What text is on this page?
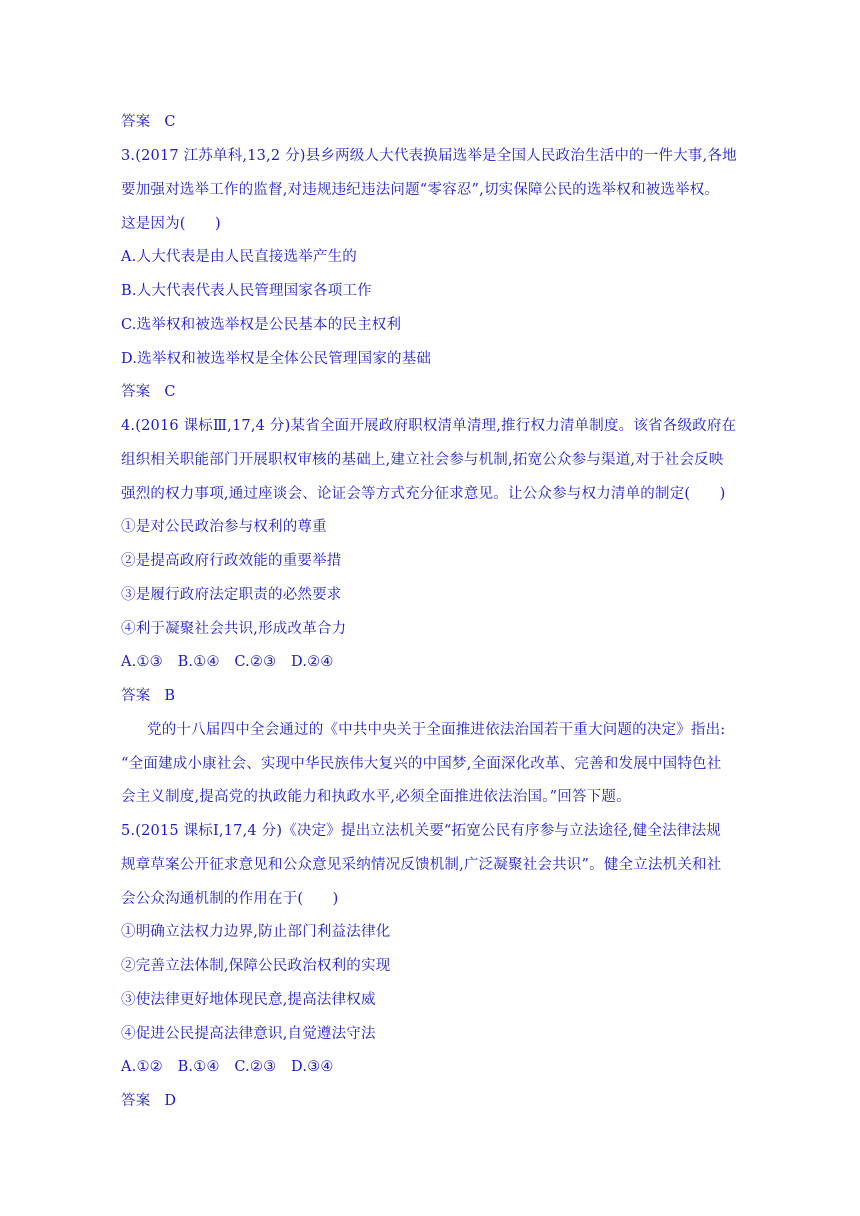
答案 C
3.(2017 江苏单科,13,2 分)县乡两级人大代表换届选举是全国人民政治生活中的一件大事,各地
要加强对选举工作的监督,对违规违纪违法问题“零容忍”,切实保障公民的选举权和被选举权。
这是因为(　　)
A.人大代表是由人民直接选举产生的
B.人大代表代表人民管理国家各项工作
C.选举权和被选举权是公民基本的民主权利
D.选举权和被选举权是全体公民管理国家的基础
答案 C
4.(2016 课标Ⅲ,17,4 分)某省全面开展政府职权清单清理,推行权力清单制度。该省各级政府在
组织相关职能部门开展职权审核的基础上,建立社会参与机制,拓宽公众参与渠道,对于社会反映
强烈的权力事项,通过座谈会、论证会等方式充分征求意见。让公众参与权力清单的制定(　　)
①是对公民政治参与权利的尊重
②是提高政府行政效能的重要举措
③是履行政府法定职责的必然要求
④利于凝聚社会共识,形成改革合力
A.①③　B.①④　C.②③　D.②④
答案 B
党的十八届四中全会通过的《中共中央关于全面推进依法治国若干重大问题的决定》指出:
“全面建成小康社会、实现中华民族伟大复兴的中国梦,全面深化改革、完善和发展中国特色社
会主义制度,提高党的执政能力和执政水平,必须全面推进依法治国。”回答下题。
5.(2015 课标Ⅰ,17,4 分)《决定》提出立法机关要“拓宽公民有序参与立法途径,健全法律法规
规章草案公开征求意见和公众意见采纳情况反馈机制,广泛凝聚社会共识”。健全立法机关和社
会公众沟通机制的作用在于(　　)
①明确立法权力边界,防止部门利益法律化
②完善立法体制,保障公民政治权利的实现
③使法律更好地体现民意,提高法律权威
④促进公民提高法律意识,自觉遵法守法
A.①②　B.①④　C.②③　D.③④
答案 D
